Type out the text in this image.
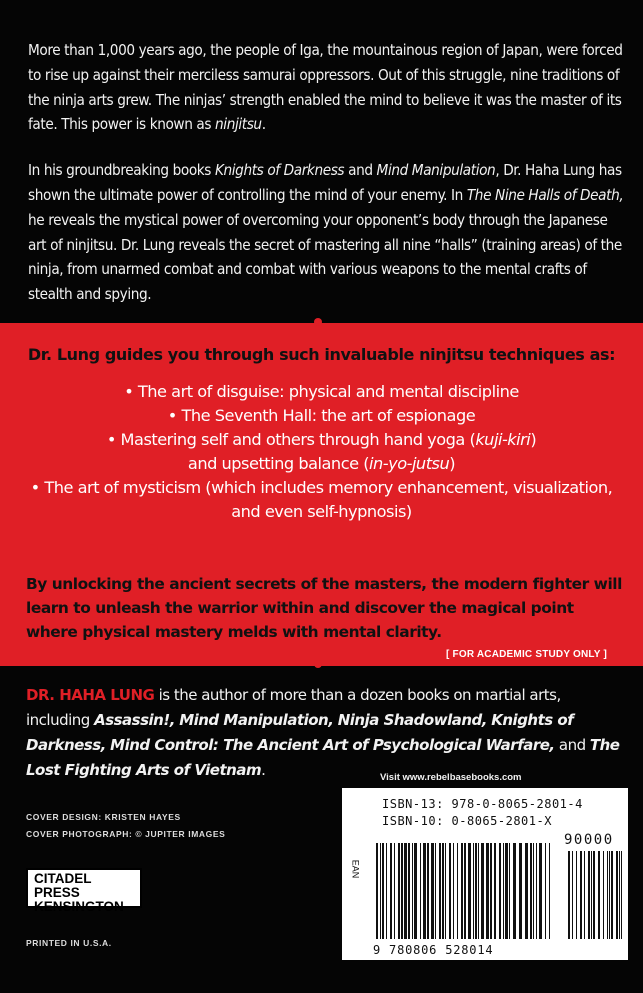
More than 1,000 years ago, the people of Iga, the mountainous region of Japan, were forced to rise up against their merciless samurai oppressors. Out of this struggle, nine traditions of the ninja arts grew. The ninjas’ strength enabled the mind to believe it was the master of its fate. This power is known as ninjitsu.

In his groundbreaking books Knights of Darkness and Mind Manipulation, Dr. Haha Lung has shown the ultimate power of controlling the mind of your enemy. In The Nine Halls of Death, he reveals the mystical power of overcoming your opponent’s body through the Japanese art of ninjitsu. Dr. Lung reveals the secret of mastering all nine “halls” (training areas) of the ninja, from unarmed combat and combat with various weapons to the mental crafts of stealth and spying.

Dr. Lung guides you through such invaluable ninjitsu techniques as:

• The art of disguise: physical and mental discipline

• The Seventh Hall: the art of espionage

• Mastering self and others through hand yoga (kuji-kiri)

and upsetting balance (in-yo-jutsu)

• The art of mysticism (which includes memory enhancement, visualization,

and even self-hypnosis)

By unlocking the ancient secrets of the masters, the modern fighter will learn to unleash the warrior within and discover the magical point where physical mastery melds with mental clarity.
[ FOR ACADEMIC STUDY ONLY ]
DR. HAHA LUNG is the author of more than a dozen books on martial arts, including Assassin!, Mind Manipulation, Ninja Shadowland, Knights of Darkness, Mind Control: The Ancient Art of Psychological Warfare, and The Lost Fighting Arts of Vietnam.	Visit www.rebelbasebooks.com
COVER DESIGN: KRISTEN HAYES
COVER PHOTOGRAPH: © JUPITER IMAGES
CITADEL PRESS
KENSINGTON
PRINTED IN U.S.A.
ISBN-13: 978-0-8065-2801-4
ISBN-10: 0-8065-2801-X
90000
EAN
9 780806 528014
